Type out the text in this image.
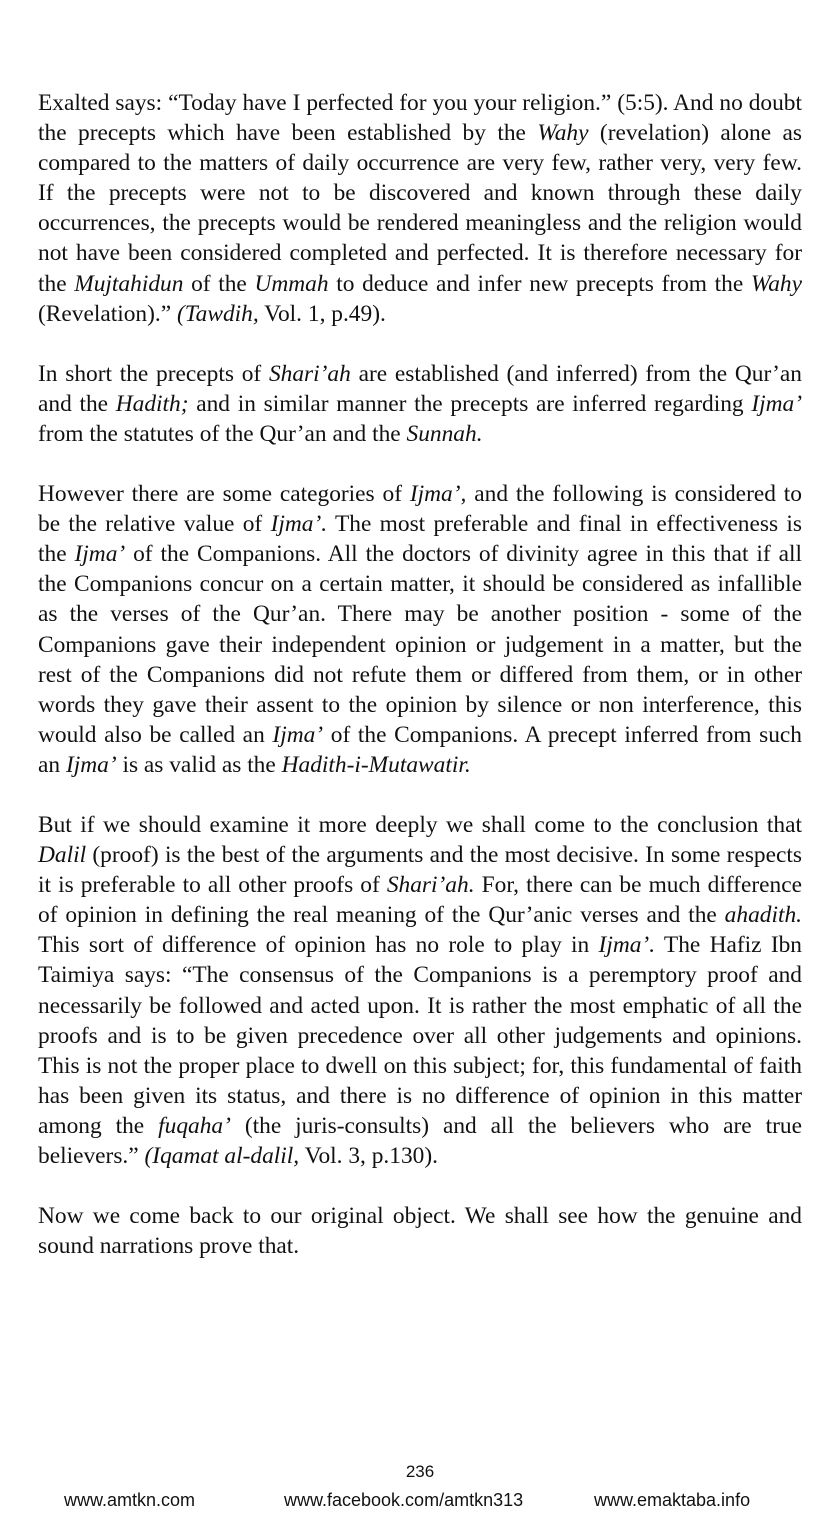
Exalted says: “Today have I perfected for you your religion.” (5:5). And no doubt the precepts which have been established by the Wahy (revelation) alone as compared to the matters of daily occurrence are very few, rather very, very few. If the precepts were not to be discovered and known through these daily occurrences, the precepts would be rendered meaningless and the religion would not have been considered completed and perfected. It is therefore necessary for the Mujtahidun of the Ummah to deduce and infer new precepts from the Wahy (Revelation).” (Tawdih, Vol. 1, p.49).

In short the precepts of Shari’ah are established (and inferred) from the Qur’an and the Hadith; and in similar manner the precepts are inferred regarding Ijma’ from the statutes of the Qur’an and the Sunnah.

However there are some categories of Ijma’, and the following is considered to be the relative value of Ijma’. The most preferable and final in effectiveness is the Ijma’ of the Companions. All the doctors of divinity agree in this that if all the Companions concur on a certain matter, it should be considered as infallible as the verses of the Qur’an. There may be another position - some of the Companions gave their independent opinion or judgement in a matter, but the rest of the Companions did not refute them or differed from them, or in other words they gave their assent to the opinion by silence or non interference, this would also be called an Ijma’ of the Companions. A precept inferred from such an Ijma’ is as valid as the Hadith-i-Mutawatir.

But if we should examine it more deeply we shall come to the conclusion that Dalil (proof) is the best of the arguments and the most decisive. In some respects it is preferable to all other proofs of Shari’ah. For, there can be much difference of opinion in defining the real meaning of the Qur’anic verses and the ahadith. This sort of difference of opinion has no role to play in Ijma’. The Hafiz Ibn Taimiya says: “The consensus of the Companions is a peremptory proof and necessarily be followed and acted upon. It is rather the most emphatic of all the proofs and is to be given precedence over all other judgements and opinions. This is not the proper place to dwell on this subject; for, this fundamental of faith has been given its status, and there is no difference of opinion in this matter among the fuqaha’ (the juris-consults) and all the believers who are true believers.” (Iqamat al-dalil, Vol. 3, p.130).

Now we come back to our original object. We shall see how the genuine and sound narrations prove that.

236
www.amtkn.com	www.facebook.com/amtkn313	www.emaktaba.info
